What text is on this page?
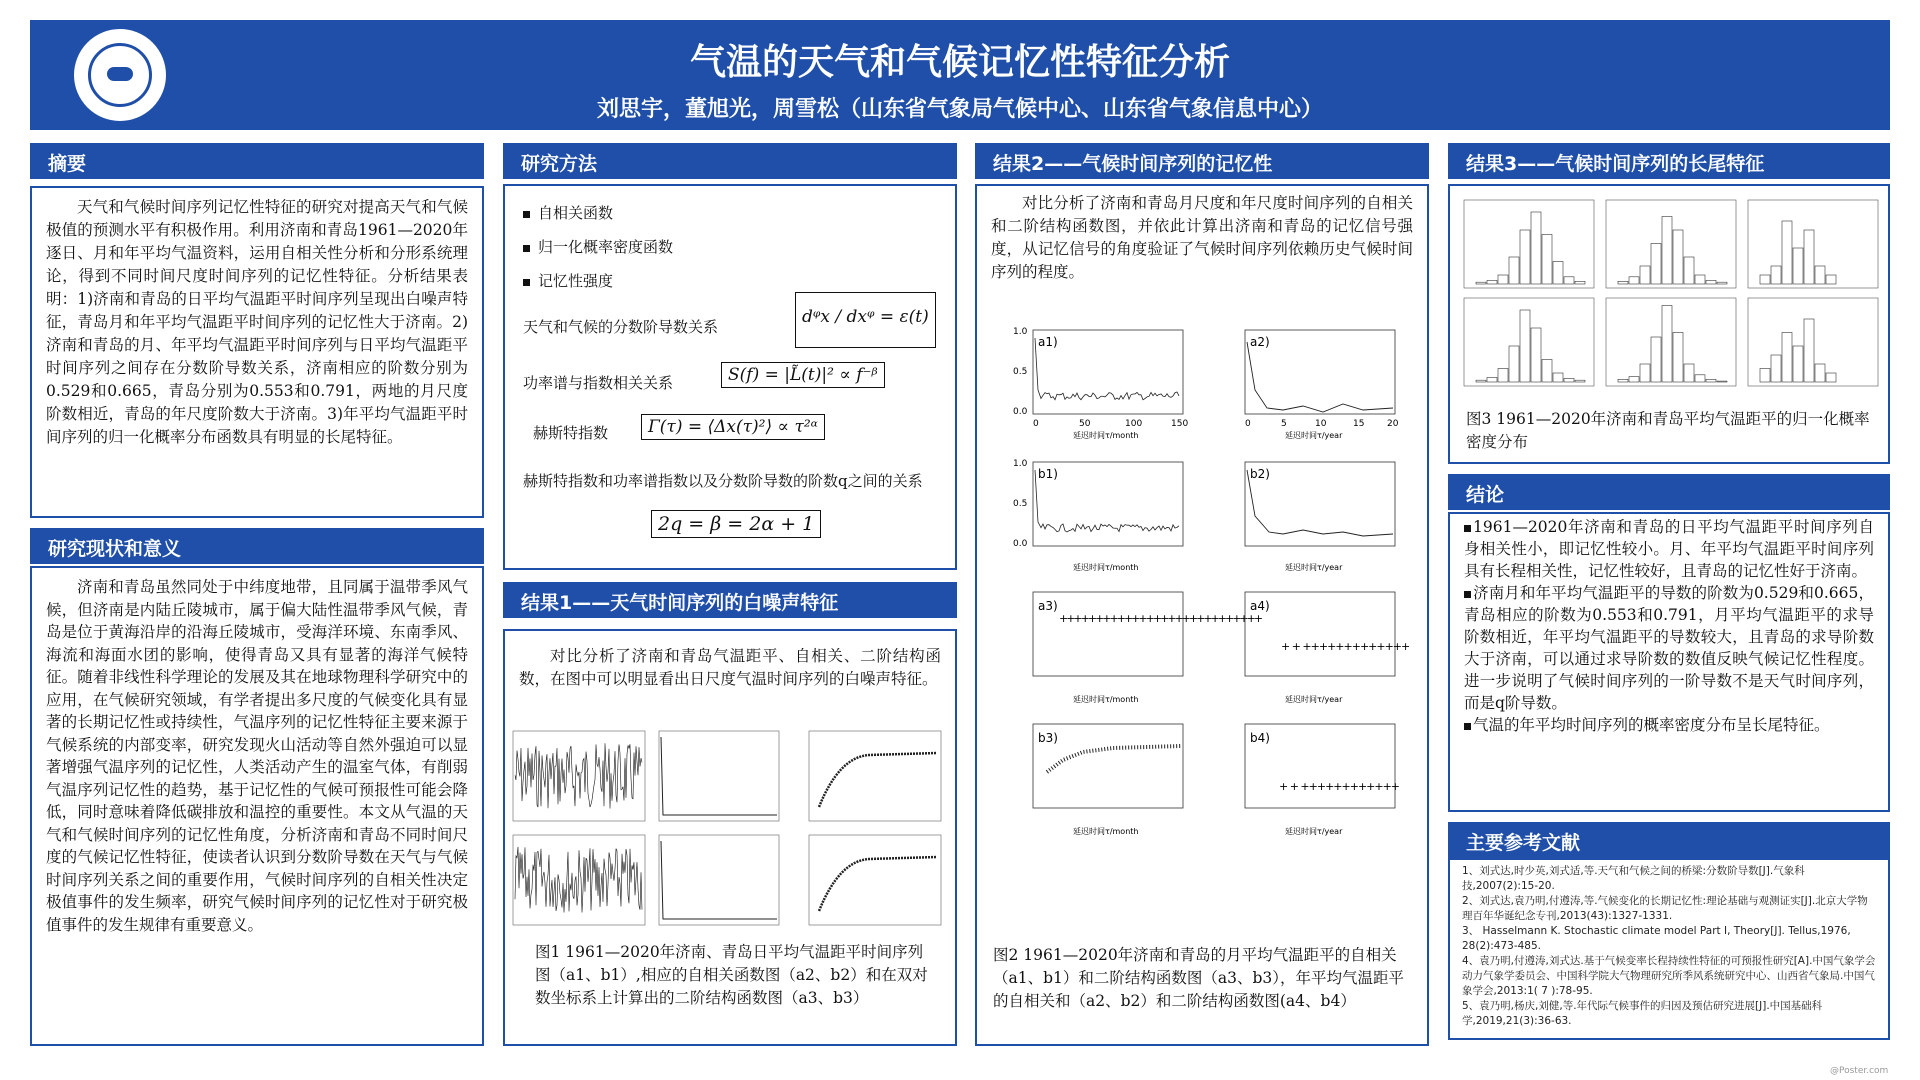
气温的天气和气候记忆性特征分析
刘思宇，董旭光，周雪松（山东省气象局气候中心、山东省气象信息中心）
摘要
天气和气候时间序列记忆性特征的研究对提高天气和气候极值的预测水平有积极作用。利用济南和青岛1961—2020年逐日、月和年平均气温资料，运用自相关性分析和分形系统理论，得到不同时间尺度时间序列的记忆性特征。分析结果表明：1)济南和青岛的日平均气温距平时间序列呈现出白噪声特征，青岛月和年平均气温距平时间序列的记忆性大于济南。2)济南和青岛的月、年平均气温距平时间序列与日平均气温距平时间序列之间存在分数阶导数关系，济南相应的阶数分别为0.529和0.665，青岛分别为0.553和0.791，两地的月尺度阶数相近，青岛的年尺度阶数大于济南。3)年平均气温距平时间序列的归一化概率分布函数具有明显的长尾特征。
研究现状和意义
济南和青岛虽然同处于中纬度地带，且同属于温带季风气候，但济南是内陆丘陵城市，属于偏大陆性温带季风气候，青岛是位于黄海沿岸的沿海丘陵城市，受海洋环境、东南季风、海流和海面水团的影响，使得青岛又具有显著的海洋气候特征。随着非线性科学理论的发展及其在地球物理科学研究中的应用，在气候研究领域，有学者提出多尺度的气候变化具有显著的长期记忆性或持续性，气温序列的记忆性特征主要来源于气候系统的内部变率，研究发现火山活动等自然外强迫可以显著增强气温序列的记忆性，人类活动产生的温室气体，有削弱气温序列记忆性的趋势，基于记忆性的气候可预报性可能会降低，同时意味着降低碳排放和温控的重要性。本文从气温的天气和气候时间序列的记忆性角度，分析济南和青岛不同时间尺度的气候记忆性特征，使读者认识到分数阶导数在天气与气候时间序列关系之间的重要作用，气候时间序列的自相关性决定极值事件的发生频率，研究气候时间序列的记忆性对于研究极值事件的发生规律有重要意义。
研究方法
自相关函数
归一化概率密度函数
记忆性强度
天气和气候的分数阶导数关系	dᵠx / dxᵠ = ε(t)
功率谱与指数相关关系	S(f) = |L̃(t)|² ∝ f⁻ᵝ
赫斯特指数	Γ(τ) = ⟨Δx(τ)²⟩ ∝ τ²ᵅ
赫斯特指数和功率谱指数以及分数阶导数的阶数q之间的关系
2q = β = 2α + 1
结果1——天气时间序列的白噪声特征
对比分析了济南和青岛气温距平、自相关、二阶结构函数，在图中可以明显看出日尺度气温时间序列的白噪声特征。
图1 1961—2020年济南、青岛日平均气温距平时间序列图（a1、b1）,相应的自相关函数图（a2、b2）和在双对数坐标系上计算出的二阶结构函数图（a3、b3）
结果2——气候时间序列的记忆性
对比分析了济南和青岛月尺度和年尺度时间序列的自相关和二阶结构函数图，并依此计算出济南和青岛的记忆信号强度，从记忆信号的角度验证了气候时间序列依赖历史气候时间序列的程度。
a1)
1.0
0.5
0.0
0	50	100	150
延迟时间τ/month
a2)
0	5	10	15	20
延迟时间τ/year
b1)
1.0
0.5
0.0
延迟时间τ/month
b2)
延迟时间τ/year
a3)
++++++++++++++++++++++++++++
延迟时间τ/month
a4)
+ + +++++++++++++
延迟时间τ/year
b3)
延迟时间τ/month
b4)
+ + ++++++++++++
延迟时间τ/year
图2 1961—2020年济南和青岛的月平均气温距平的自相关（a1、b1）和二阶结构函数图（a3、b3），年平均气温距平的自相关和（a2、b2）和二阶结构函数图(a4、b4）
结果3——气候时间序列的长尾特征
图3 1961—2020年济南和青岛平均气温距平的归一化概率密度分布
结论
1961—2020年济南和青岛的日平均气温距平时间序列自身相关性小，即记忆性较小。月、年平均气温距平时间序列具有长程相关性，记忆性较好，且青岛的记忆性好于济南。
济南月和年平均气温距平的导数的阶数为0.529和0.665，青岛相应的阶数为0.553和0.791，月平均气温距平的求导阶数相近，年平均气温距平的导数较大，且青岛的求导阶数大于济南，可以通过求导阶数的数值反映气候记忆性程度。进一步说明了气候时间序列的一阶导数不是天气时间序列，而是q阶导数。
气温的年平均时间序列的概率密度分布呈长尾特征。
主要参考文献
1、刘式达,时少英,刘式适,等.天气和气候之间的桥梁:分数阶导数[J].气象科技,2007(2):15-20.
2、刘式达,袁乃明,付遵涛,等.气候变化的长期记忆性:理论基础与观测证实[J].北京大学物理百年华诞纪念专刊,2013(43):1327-1331.
3、 Hasselmann K. Stochastic climate model Part I, Theory[J]. Tellus,1976, 28(2):473-485.
4、袁乃明,付遵涛,刘式达.基于气候变率长程持续性特征的可预报性研究[A].中国气象学会动力气象学委员会、中国科学院大气物理研究所季风系统研究中心、山西省气象局.中国气象学会,2013:1( 7 ):78-95.
5、袁乃明,杨庆,刘健,等.年代际气候事件的归因及预估研究进展[J].中国基础科学,2019,21(3):36-63.
@Poster.com
